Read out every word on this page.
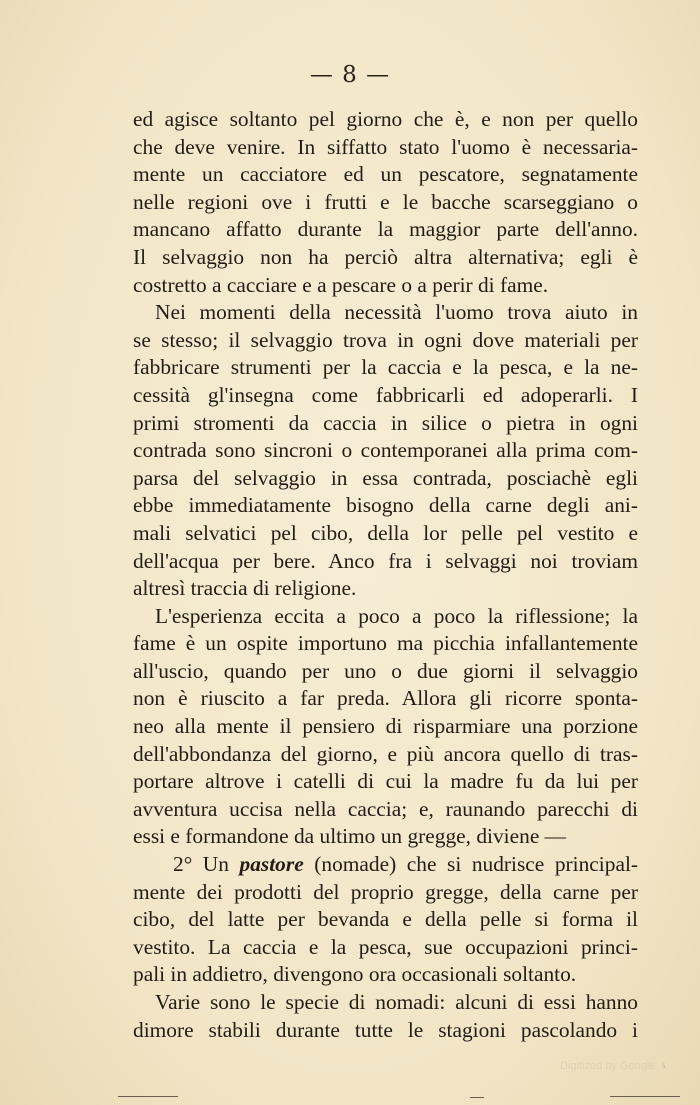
— 8 —
ed agisce soltanto pel giorno che è, e non per quello
che deve venire. In siffatto stato l'uomo è necessaria-
mente un cacciatore ed un pescatore, segnatamente
nelle regioni ove i frutti e le bacche scarseggiano o
mancano affatto durante la maggior parte dell'anno.
Il selvaggio non ha perciò altra alternativa; egli è
costretto a cacciare e a pescare o a perir di fame.
Nei momenti della necessità l'uomo trova aiuto in
se stesso; il selvaggio trova in ogni dove materiali per
fabbricare strumenti per la caccia e la pesca, e la ne-
cessità gl'insegna come fabbricarli ed adoperarli. I
primi stromenti da caccia in silice o pietra in ogni
contrada sono sincroni o contemporanei alla prima com-
parsa del selvaggio in essa contrada, posciachè egli
ebbe immediatamente bisogno della carne degli ani-
mali selvatici pel cibo, della lor pelle pel vestito e
dell'acqua per bere. Anco fra i selvaggi noi troviam
altresì traccia di religione.
L'esperienza eccita a poco a poco la riflessione; la
fame è un ospite importuno ma picchia infallantemente
all'uscio, quando per uno o due giorni il selvaggio
non è riuscito a far preda. Allora gli ricorre sponta-
neo alla mente il pensiero di risparmiare una porzione
dell'abbondanza del giorno, e più ancora quello di tras-
portare altrove i catelli di cui la madre fu da lui per
avventura uccisa nella caccia; e, raunando parecchi di
essi e formandone da ultimo un gregge, diviene —
2° Un pastore (nomade) che si nudrisce principal-
mente dei prodotti del proprio gregge, della carne per
cibo, del latte per bevanda e della pelle si forma il
vestito. La caccia e la pesca, sue occupazioni princi-
pali in addietro, divengono ora occasionali soltanto.
Varie sono le specie di nomadi: alcuni di essi hanno
dimore stabili durante tutte le stagioni pascolando i
Digitized by Google ˢ
